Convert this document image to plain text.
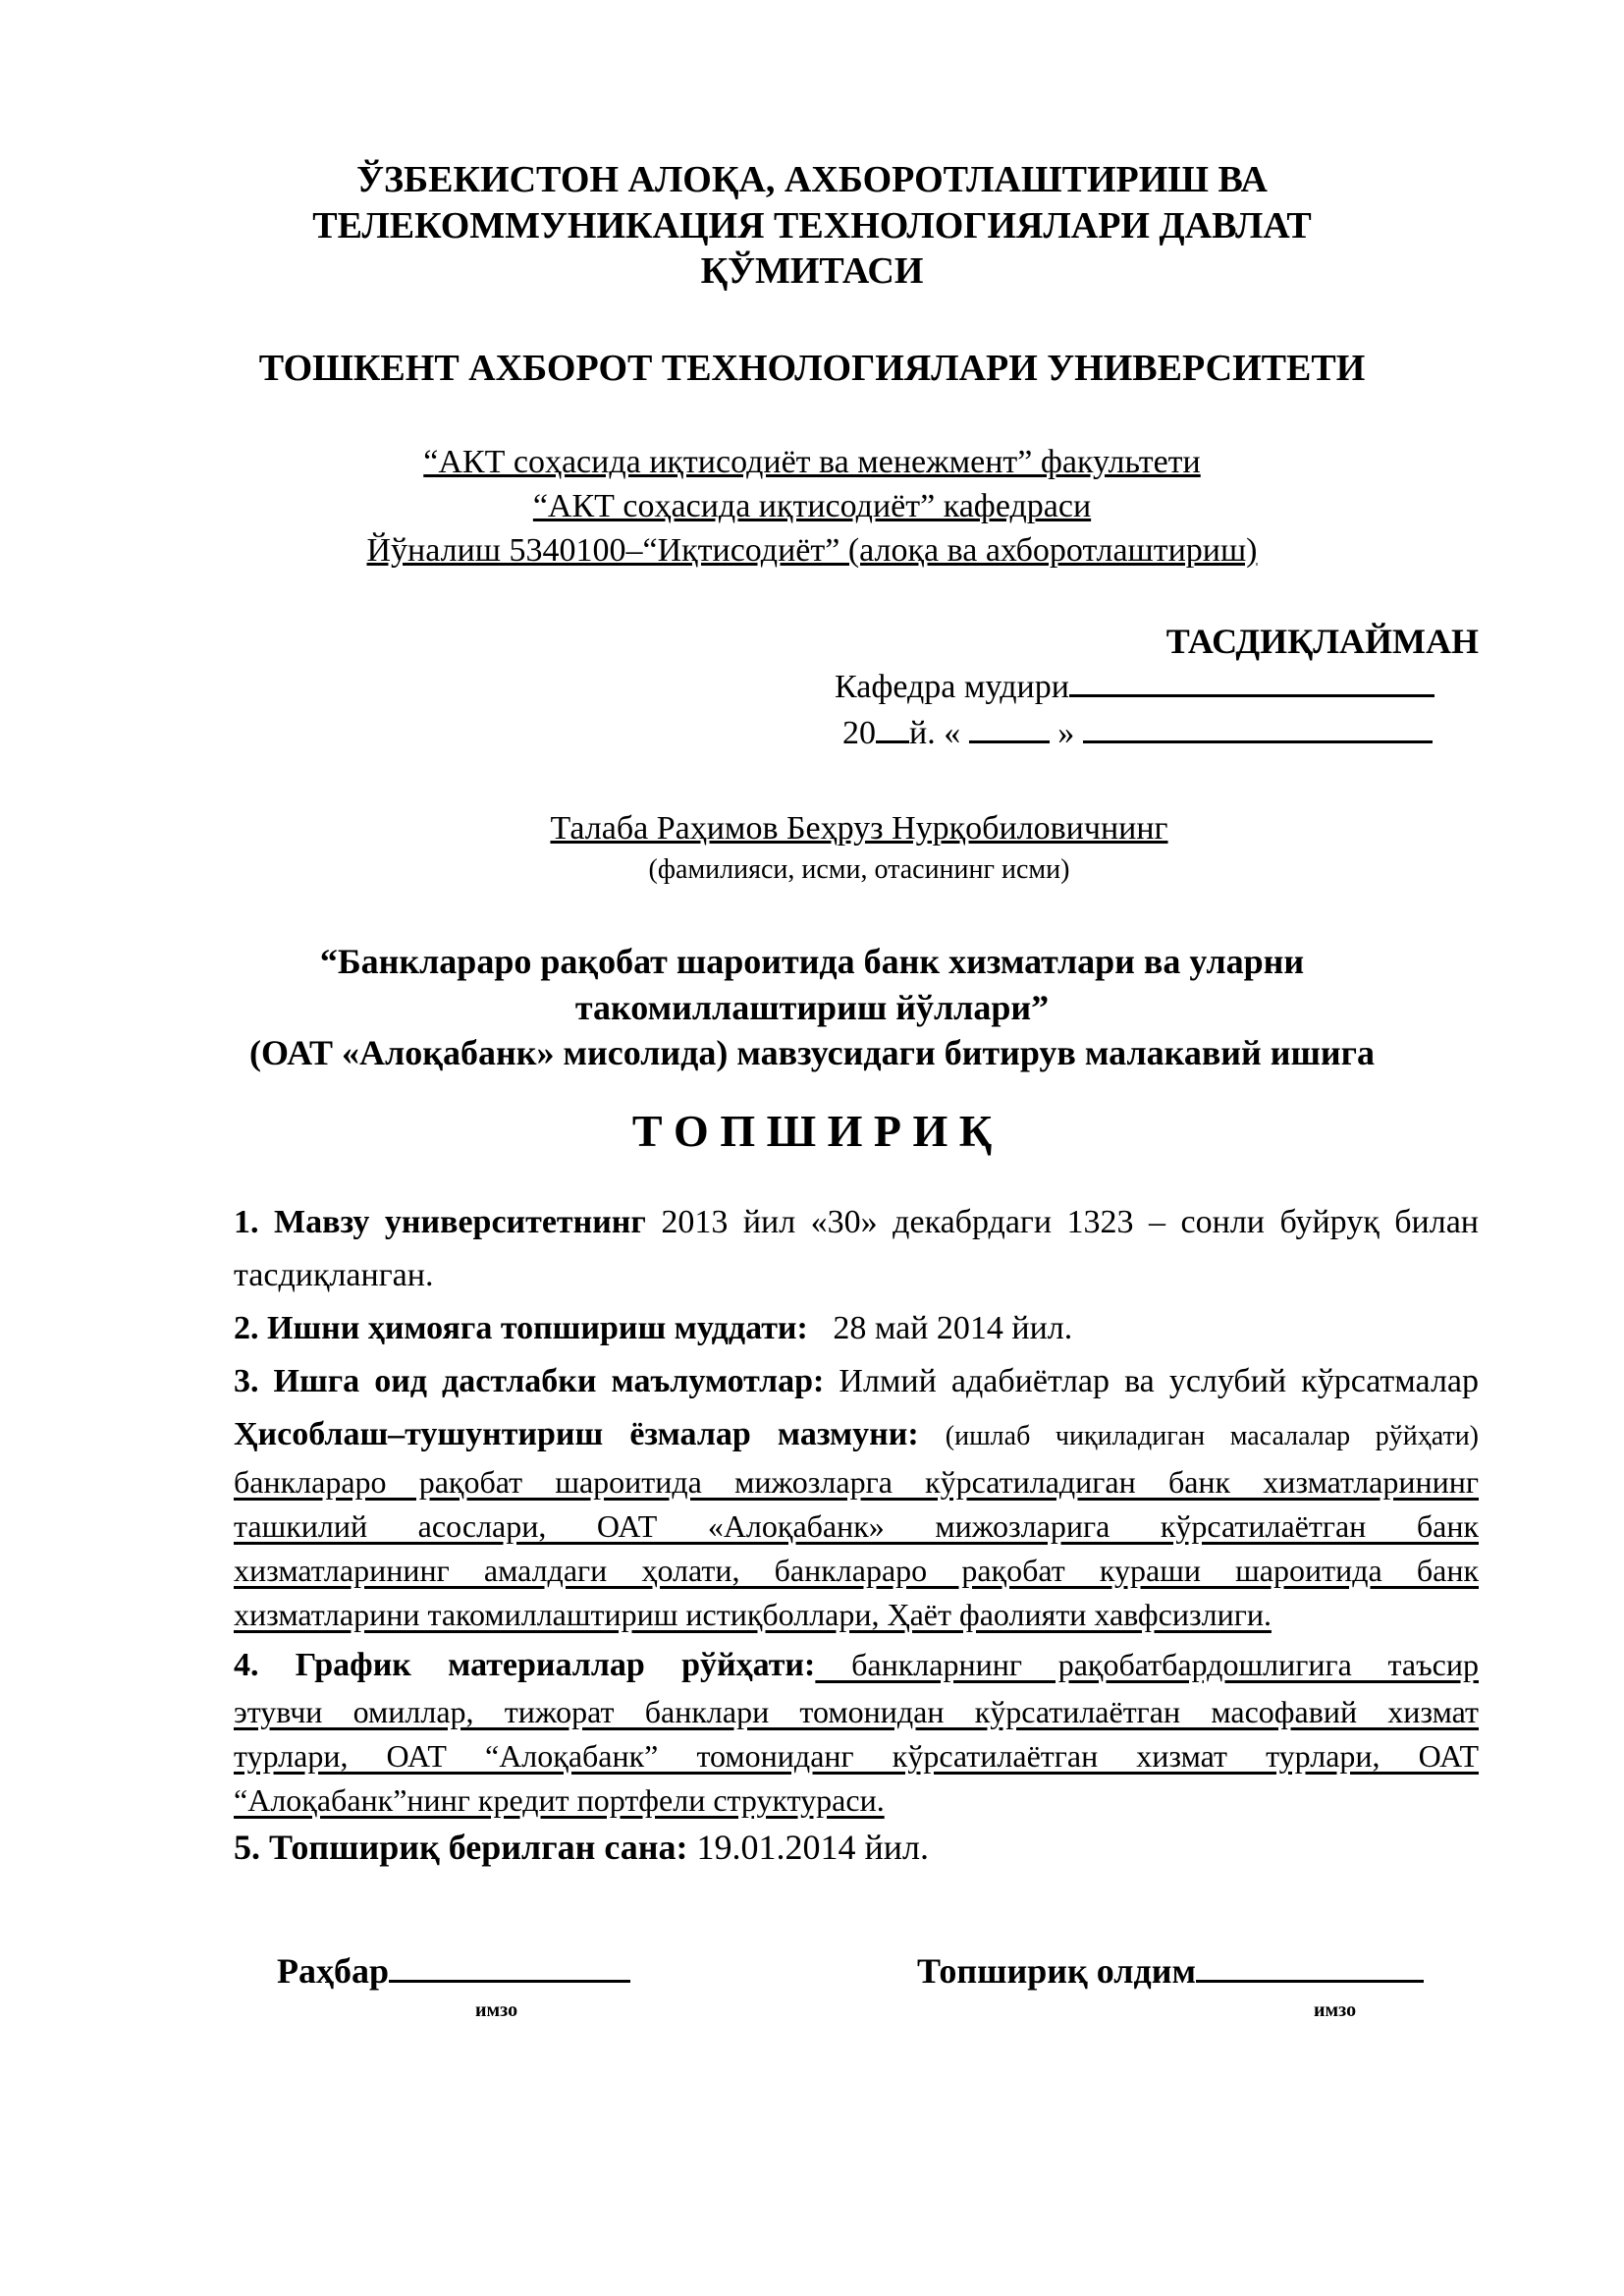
ЎЗБЕКИСТОН АЛОҚА, АХБОРОТЛАШТИРИШ ВА
ТЕЛЕКОММУНИКАЦИЯ ТЕХНОЛОГИЯЛАРИ ДАВЛАТ
ҚЎМИТАСИ
ТОШКЕНТ АХБОРОТ ТЕХНОЛОГИЯЛАРИ УНИВЕРСИТЕТИ
“АКТ соҳасида иқтисодиёт ва менежмент” факультети
“АКТ соҳасида иқтисодиёт” кафедраси
Йўналиш 5340100–“Иқтисодиёт” (алоқа ва ахборотлаштириш)
ТАСДИҚЛАЙМАН
Кафедра мудири
20 й. «	»
Талаба Раҳимов Беҳруз Нурқобиловичнинг
(фамилияси, исми, отасининг исми)
“Банклараро рақобат шароитида банк хизматлари ва уларни
такомиллаштириш йўллари”
(ОАТ «Алоқабанк» мисолида) мавзусидаги битирув малакавий ишига
Т О П Ш И Р И Қ
1. Мавзу университетнинг 2013 йил «30» декабрдаги 1323 – сонли буйруқ билан
тасдиқланган.
2. Ишни ҳимояга топшириш муддати: 28 май 2014 йил.
3. Ишга оид дастлабки маълумотлар: Илмий адабиётлар ва услубий кўрсатмалар
Ҳисоблаш–тушунтириш ёзмалар мазмуни: (ишлаб чиқиладиган масалалар рўйҳати)
банклараро рақобат шароитида мижозларга кўрсатиладиган банк хизматларининг
ташкилий асослари, ОАТ «Алоқабанк» мижозларига кўрсатилаётган банк
хизматларининг амалдаги ҳолати, банклараро рақобат кураши шароитида банк
хизматларини такомиллаштириш истиқболлари, Ҳаёт фаолияти хавфсизлиги.
4. График материаллар рўйҳати: банкларнинг рақобатбардошлигига таъсир
этувчи омиллар, тижорат банклари томонидан кўрсатилаётган масофавий хизмат
турлари, ОАТ “Алоқабанк” томониданг кўрсатилаётган хизмат турлари, ОАТ
“Алоқабанк”нинг кредит портфели структураси.
5. Топшириқ берилган сана: 19.01.2014 йил.
Раҳбар
имзо
Топшириқ олдим
имзо
